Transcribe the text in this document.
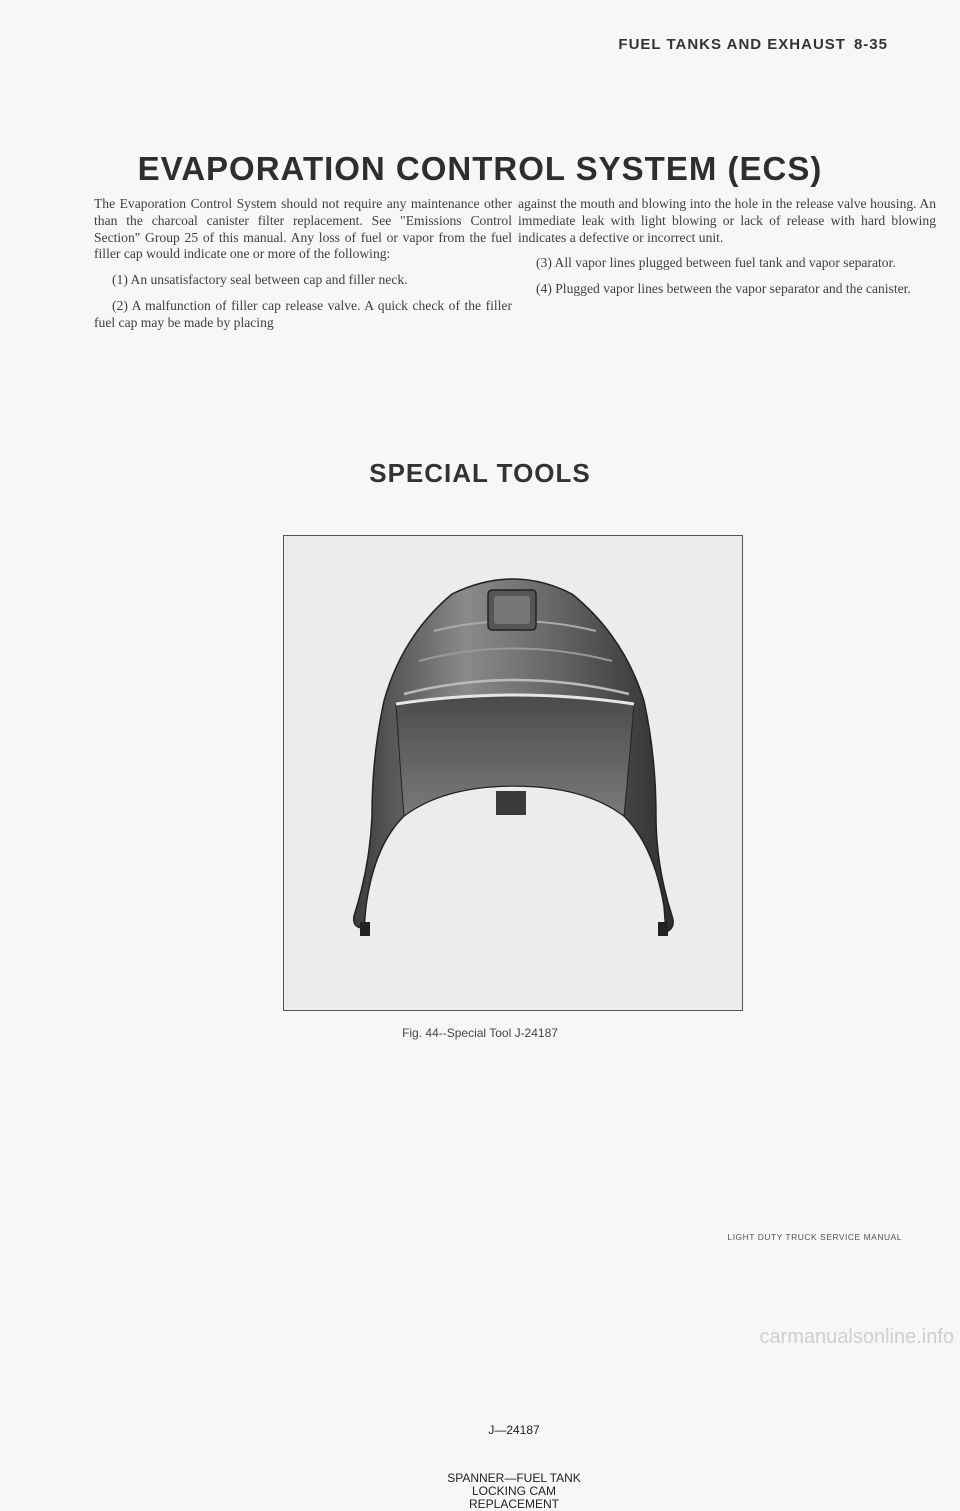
FUEL TANKS AND EXHAUST 8-35
EVAPORATION CONTROL SYSTEM (ECS)

The Evaporation Control System should not require any maintenance other than the charcoal canister filter replacement. See "Emissions Control Section" Group 25 of this manual. Any loss of fuel or vapor from the fuel filler cap would indicate one or more of the following:

(1) An unsatisfactory seal between cap and filler neck.

(2) A malfunction of filler cap release valve. A quick check of the filler fuel cap may be made by placing

against the mouth and blowing into the hole in the release valve housing. An immediate leak with light blowing or lack of release with hard blowing indicates a defective or incorrect unit.

(3) All vapor lines plugged between fuel tank and vapor separator.

(4) Plugged vapor lines between the vapor separator and the canister.

SPECIAL TOOLS
J—24187
SPANNER—FUEL TANK
LOCKING CAM
REPLACEMENT
Fig. 44--Special Tool J-24187
LIGHT DUTY TRUCK SERVICE MANUAL
carmanualsonline.info
